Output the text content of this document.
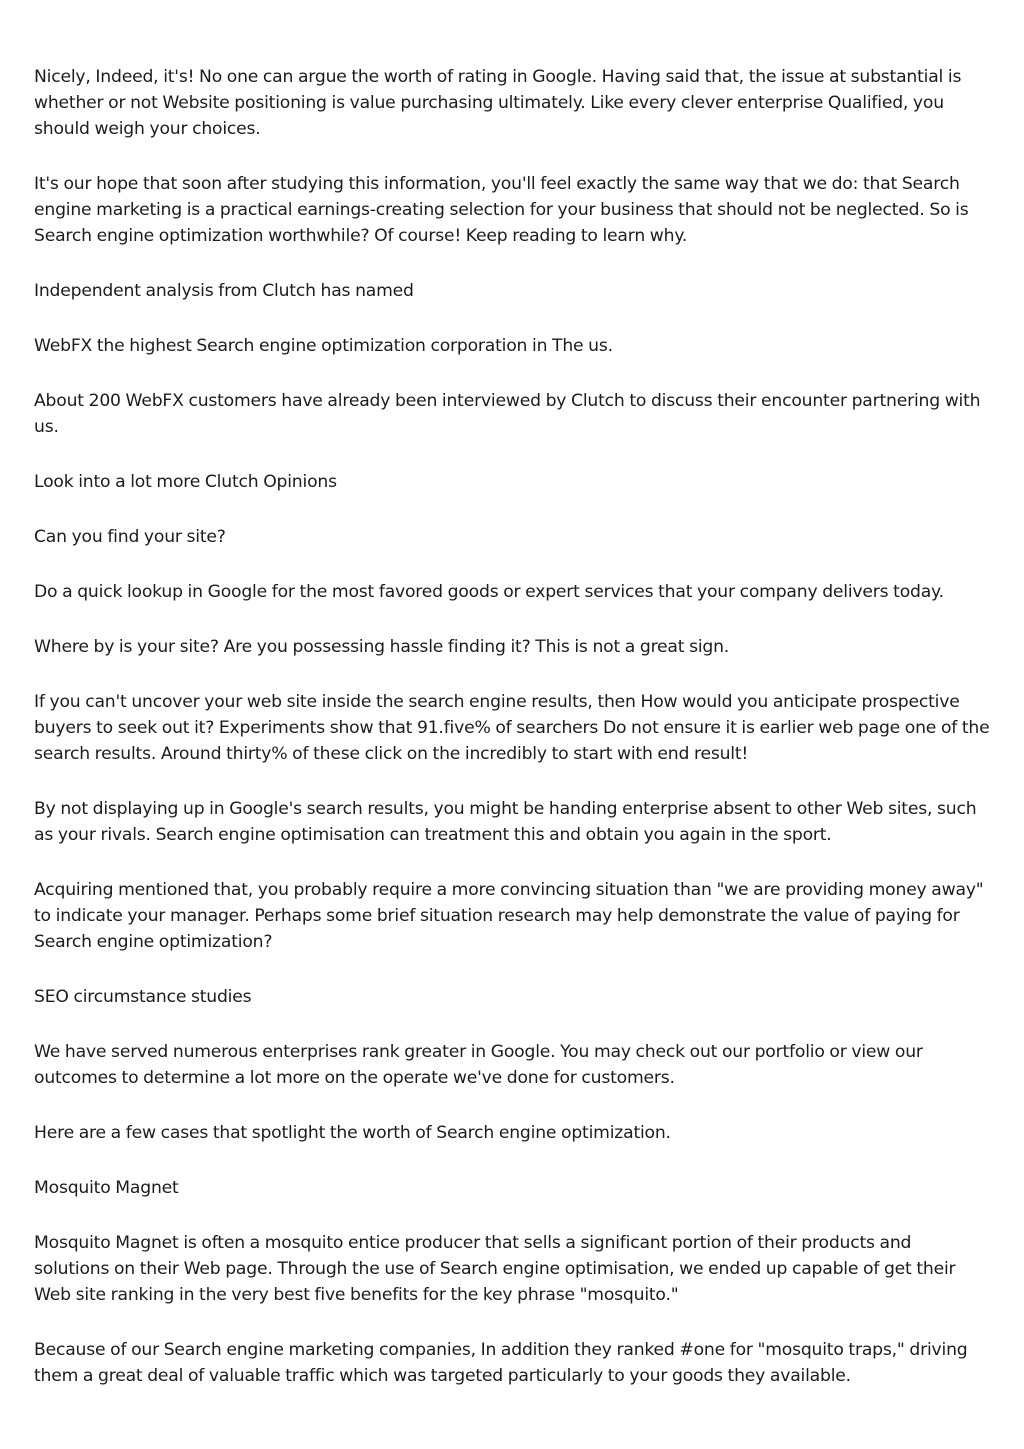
Nicely, Indeed, it's! No one can argue the worth of rating in Google. Having said that, the issue at substantial is whether or not Website positioning is value purchasing ultimately. Like every clever enterprise Qualified, you should weigh your choices.

It's our hope that soon after studying this information, you'll feel exactly the same way that we do: that Search engine marketing is a practical earnings-creating selection for your business that should not be neglected. So is Search engine optimization worthwhile? Of course! Keep reading to learn why.

Independent analysis from Clutch has named

WebFX the highest Search engine optimization corporation in The us.

About 200 WebFX customers have already been interviewed by Clutch to discuss their encounter partnering with us.

Look into a lot more Clutch Opinions

Can you find your site?

Do a quick lookup in Google for the most favored goods or expert services that your company delivers today.

Where by is your site? Are you possessing hassle finding it? This is not a great sign.

If you can't uncover your web site inside the search engine results, then How would you anticipate prospective buyers to seek out it? Experiments show that 91.five% of searchers Do not ensure it is earlier web page one of the search results. Around thirty% of these click on the incredibly to start with end result!

By not displaying up in Google's search results, you might be handing enterprise absent to other Web sites, such as your rivals. Search engine optimisation can treatment this and obtain you again in the sport.

Acquiring mentioned that, you probably require a more convincing situation than "we are providing money away" to indicate your manager. Perhaps some brief situation research may help demonstrate the value of paying for Search engine optimization?

SEO circumstance studies

We have served numerous enterprises rank greater in Google. You may check out our portfolio or view our outcomes to determine a lot more on the operate we've done for customers.

Here are a few cases that spotlight the worth of Search engine optimization.

Mosquito Magnet

Mosquito Magnet is often a mosquito entice producer that sells a significant portion of their products and solutions on their Web page. Through the use of Search engine optimisation, we ended up capable of get their Web site ranking in the very best five benefits for the key phrase "mosquito."

Because of our Search engine marketing companies, In addition they ranked #one for "mosquito traps," driving them a great deal of valuable traffic which was targeted particularly to your goods they available.
